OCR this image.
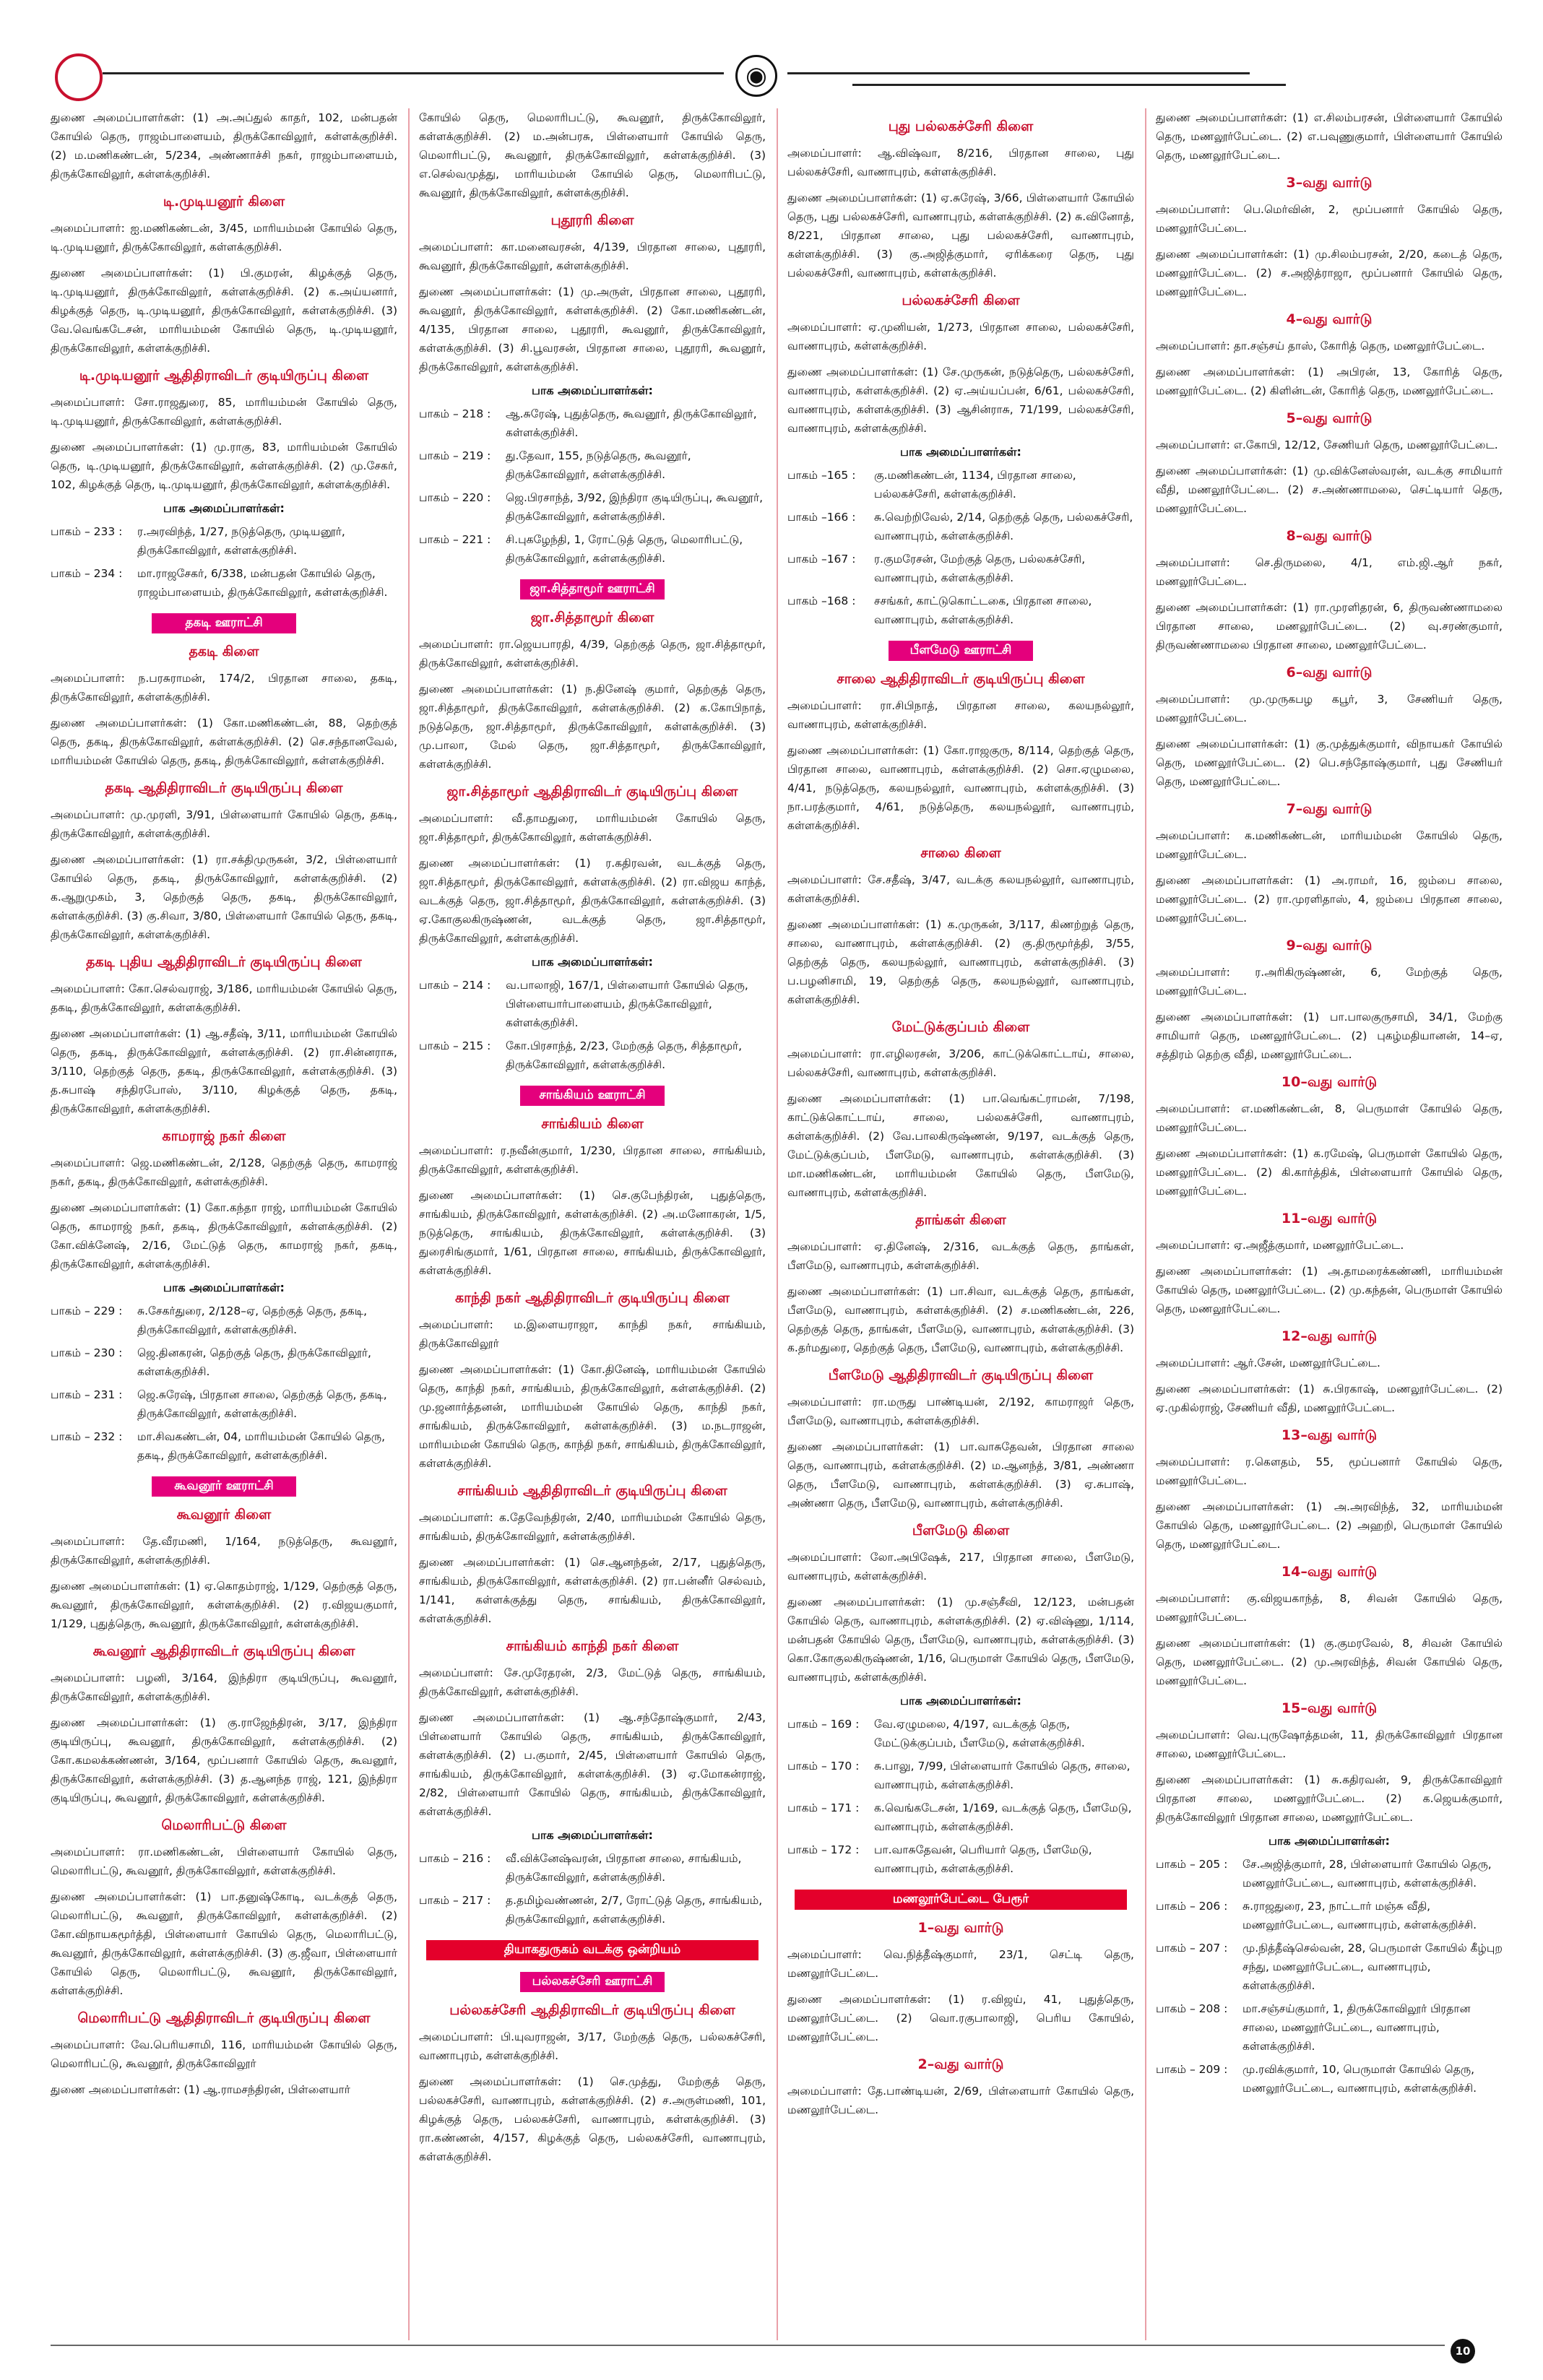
◉

துணை அமைப்பாளர்கள்: (1) அ.அப்துல் காதர், 102, மன்பதன் கோயில் தெரு, ராஜம்பாளையம், திருக்கோவிலூர், கள்ளக்குறிச்சி. (2) ம.மணிகண்டன், 5/234, அண்ணாச்சி நகர், ராஜம்பாளையம், திருக்கோவிலூர், கள்ளக்குறிச்சி.

டி.முடியனூர் கிளை

அமைப்பாளர்: ஐ.மணிகண்டன், 3/45, மாரியம்மன் கோயில் தெரு, டி.முடியனூர், திருக்கோவிலூர், கள்ளக்குறிச்சி.

துணை அமைப்பாளர்கள்: (1) பி.குமரன், கிழக்குத் தெரு, டி.முடியனூர், திருக்கோவிலூர், கள்ளக்குறிச்சி. (2) க.அய்யனார், கிழக்குத் தெரு, டி.முடியனூர், திருக்கோவிலூர், கள்ளக்குறிச்சி. (3) வே.வெங்கடேசன், மாரியம்மன் கோயில் தெரு, டி.முடியனூர், திருக்கோவிலூர், கள்ளக்குறிச்சி.

டி.முடியனூர் ஆதிதிராவிடர் குடியிருப்பு கிளை

அமைப்பாளர்: சோ.ராஜதுரை, 85, மாரியம்மன் கோயில் தெரு, டி.முடியனூர், திருக்கோவிலூர், கள்ளக்குறிச்சி.

துணை அமைப்பாளர்கள்: (1) மு.ராகு, 83, மாரியம்மன் கோயில் தெரு, டி.முடியனூர், திருக்கோவிலூர், கள்ளக்குறிச்சி. (2) மு.சேகர், 102, கிழக்குத் தெரு, டி.முடியனூர், திருக்கோவிலூர், கள்ளக்குறிச்சி.

பாக அமைப்பாளர்கள்:
பாகம் – 233 :	ர.அரவிந்த், 1/27, நடுத்தெரு, முடியனூர், திருக்கோவிலூர், கள்ளக்குறிச்சி.
பாகம் – 234 :	மா.ராஜசேகர், 6/338, மன்பதன் கோயில் தெரு, ராஜம்பாளையம், திருக்கோவிலூர், கள்ளக்குறிச்சி.
தகடி ஊராட்சி
தகடி கிளை

அமைப்பாளர்: ந.பரசுராமன், 174/2, பிரதான சாலை, தகடி, திருக்கோவிலூர், கள்ளக்குறிச்சி.

துணை அமைப்பாளர்கள்: (1) கோ.மணிகண்டன், 88, தெற்குத் தெரு, தகடி, திருக்கோவிலூர், கள்ளக்குறிச்சி. (2) செ.சந்தானவேல், மாரியம்மன் கோயில் தெரு, தகடி, திருக்கோவிலூர், கள்ளக்குறிச்சி.

தகடி ஆதிதிராவிடர் குடியிருப்பு கிளை

அமைப்பாளர்: மு.முரளி, 3/91, பிள்ளையார் கோயில் தெரு, தகடி, திருக்கோவிலூர், கள்ளக்குறிச்சி.

துணை அமைப்பாளர்கள்: (1) ரா.சக்திமுருகன், 3/2, பிள்ளையார் கோயில் தெரு, தகடி, திருக்கோவிலூர், கள்ளக்குறிச்சி. (2) க.ஆறுமுகம், 3, தெற்குத் தெரு, தகடி, திருக்கோவிலூர், கள்ளக்குறிச்சி. (3) கு.சிவா, 3/80, பிள்ளையார் கோயில் தெரு, தகடி, திருக்கோவிலூர், கள்ளக்குறிச்சி.

தகடி புதிய ஆதிதிராவிடர் குடியிருப்பு கிளை

அமைப்பாளர்: கோ.செல்வராஜ், 3/186, மாரியம்மன் கோயில் தெரு, தகடி, திருக்கோவிலூர், கள்ளக்குறிச்சி.

துணை அமைப்பாளர்கள்: (1) ஆ.சதீஷ், 3/11, மாரியம்மன் கோயில் தெரு, தகடி, திருக்கோவிலூர், கள்ளக்குறிச்சி. (2) ரா.சின்னராசு, 3/110, தெற்குத் தெரு, தகடி, திருக்கோவிலூர், கள்ளக்குறிச்சி. (3) த.சுபாஷ் சந்திரபோஸ், 3/110, கிழக்குத் தெரு, தகடி, திருக்கோவிலூர், கள்ளக்குறிச்சி.

காமராஜ் நகர் கிளை

அமைப்பாளர்: ஜெ.மணிகண்டன், 2/128, தெற்குத் தெரு, காமராஜ் நகர், தகடி, திருக்கோவிலூர், கள்ளக்குறிச்சி.

துணை அமைப்பாளர்கள்: (1) கோ.கந்தா ராஜ், மாரியம்மன் கோயில் தெரு, காமராஜ் நகர், தகடி, திருக்கோவிலூர், கள்ளக்குறிச்சி. (2) கோ.விக்னேஷ், 2/16, மேட்டுத் தெரு, காமராஜ் நகர், தகடி, திருக்கோவிலூர், கள்ளக்குறிச்சி.

பாக அமைப்பாளர்கள்:
பாகம் – 229 :	சு.சேகர்துரை, 2/128–ஏ, தெற்குத் தெரு, தகடி, திருக்கோவிலூர், கள்ளக்குறிச்சி.
பாகம் – 230 :	ஜெ.தினகரன், தெற்குத் தெரு, திருக்கோவிலூர், கள்ளக்குறிச்சி.
பாகம் – 231 :	ஜெ.சுரேஷ், பிரதான சாலை, தெற்குத் தெரு, தகடி, திருக்கோவிலூர், கள்ளக்குறிச்சி.
பாகம் – 232 :	மா.சிவகண்டன், 04, மாரியம்மன் கோயில் தெரு, தகடி, திருக்கோவிலூர், கள்ளக்குறிச்சி.
கூவனூர் ஊராட்சி
கூவனூர் கிளை

அமைப்பாளர்: தே.வீரமணி, 1/164, நடுத்தெரு, கூவனூர், திருக்கோவிலூர், கள்ளக்குறிச்சி.

துணை அமைப்பாளர்கள்: (1) ஏ.கொதம்ராஜ், 1/129, தெற்குத் தெரு, கூவனூர், திருக்கோவிலூர், கள்ளக்குறிச்சி. (2) ர.விஜயகுமார், 1/129, புதுத்தெரு, கூவனூர், திருக்கோவிலூர், கள்ளக்குறிச்சி.

கூவனூர் ஆதிதிராவிடர் குடியிருப்பு கிளை

அமைப்பாளர்: பழனி, 3/164, இந்திரா குடியிருப்பு, கூவனூர், திருக்கோவிலூர், கள்ளக்குறிச்சி.

துணை அமைப்பாளர்கள்: (1) கு.ராஜேந்திரன், 3/17, இந்திரா குடியிருப்பு, கூவனூர், திருக்கோவிலூர், கள்ளக்குறிச்சி. (2) கோ.கமலக்கண்ணன், 3/164, மூப்பனார் கோயில் தெரு, கூவனூர், திருக்கோவிலூர், கள்ளக்குறிச்சி. (3) த.ஆனந்த ராஜ், 121, இந்திரா குடியிருப்பு, கூவனூர், திருக்கோவிலூர், கள்ளக்குறிச்சி.

மெலாரிபட்டு கிளை

அமைப்பாளர்: ரா.மணிகண்டன், பிள்ளையார் கோயில் தெரு, மெலாரிபட்டு, கூவனூர், திருக்கோவிலூர், கள்ளக்குறிச்சி.

துணை அமைப்பாளர்கள்: (1) பா.தனுஷ்கோடி, வடக்குத் தெரு, மெலாரிபட்டு, கூவனூர், திருக்கோவிலூர், கள்ளக்குறிச்சி. (2) கோ.விநாயகமூர்த்தி, பிள்ளையார் கோயில் தெரு, மெலாரிபட்டு, கூவனூர், திருக்கோவிலூர், கள்ளக்குறிச்சி. (3) கு.ஜீவா, பிள்ளையார் கோயில் தெரு, மெலாரிபட்டு, கூவனூர், திருக்கோவிலூர், கள்ளக்குறிச்சி.

மெலாரிபட்டு ஆதிதிராவிடர் குடியிருப்பு கிளை

அமைப்பாளர்: வே.பெரியசாமி, 116, மாரியம்மன் கோயில் தெரு, மெலாரிபட்டு, கூவனூர், திருக்கோவிலூர்

துணை அமைப்பாளர்கள்: (1) ஆ.ராமசந்திரன், பிள்ளையார்

கோயில் தெரு, மெலாரிபட்டு, கூவனூர், திருக்கோவிலூர், கள்ளக்குறிச்சி. (2) ம.அன்பரசு, பிள்ளையார் கோயில் தெரு, மெலாரிபட்டு, கூவனூர், திருக்கோவிலூர், கள்ளக்குறிச்சி. (3) எ.செல்வமுத்து, மாரியம்மன் கோயில் தெரு, மெலாரிபட்டு, கூவனூர், திருக்கோவிலூர், கள்ளக்குறிச்சி.

புதூரரி கிளை

அமைப்பாளர்: கா.மனைவரசன், 4/139, பிரதான சாலை, புதூரரி, கூவனூர், திருக்கோவிலூர், கள்ளக்குறிச்சி.

துணை அமைப்பாளர்கள்: (1) மு.அருள், பிரதான சாலை, புதூரரி, கூவனூர், திருக்கோவிலூர், கள்ளக்குறிச்சி. (2) கோ.மணிகண்டன், 4/135, பிரதான சாலை, புதூரரி, கூவனூர், திருக்கோவிலூர், கள்ளக்குறிச்சி. (3) சி.பூவரசன், பிரதான சாலை, புதூரரி, கூவனூர், திருக்கோவிலூர், கள்ளக்குறிச்சி.

பாக அமைப்பாளர்கள்:
பாகம் – 218 :	ஆ.சுரேஷ், புதுத்தெரு, கூவனூர், திருக்கோவிலூர், கள்ளக்குறிச்சி.
பாகம் – 219 :	து.தேவா, 155, நடுத்தெரு, கூவனூர், திருக்கோவிலூர், கள்ளக்குறிச்சி.
பாகம் – 220 :	ஜெ.பிரசாந்த், 3/92, இந்திரா குடியிருப்பு, கூவனூர், திருக்கோவிலூர், கள்ளக்குறிச்சி.
பாகம் – 221 :	சி.புகழேந்தி, 1, ரோட்டுத் தெரு, மெலாரிபட்டு, திருக்கோவிலூர், கள்ளக்குறிச்சி.
ஜா.சித்தாமூர் ஊராட்சி
ஜா.சித்தாமூர் கிளை

அமைப்பாளர்: ரா.ஜெயபாரதி, 4/39, தெற்குத் தெரு, ஜா.சித்தாமூர், திருக்கோவிலூர், கள்ளக்குறிச்சி.

துணை அமைப்பாளர்கள்: (1) ந.தினேஷ் குமார், தெற்குத் தெரு, ஜா.சித்தாமூர், திருக்கோவிலூர், கள்ளக்குறிச்சி. (2) க.கோபிநாத், நடுத்தெரு, ஜா.சித்தாமூர், திருக்கோவிலூர், கள்ளக்குறிச்சி. (3) மு.பாலா, மேல் தெரு, ஜா.சித்தாமூர், திருக்கோவிலூர், கள்ளக்குறிச்சி.

ஜா.சித்தாமூர் ஆதிதிராவிடர் குடியிருப்பு கிளை

அமைப்பாளர்: வீ.தாமதுரை, மாரியம்மன் கோயில் தெரு, ஜா.சித்தாமூர், திருக்கோவிலூர், கள்ளக்குறிச்சி.

துணை அமைப்பாளர்கள்: (1) ர.கதிரவன், வடக்குத் தெரு, ஜா.சித்தாமூர், திருக்கோவிலூர், கள்ளக்குறிச்சி. (2) ரா.விஜய காந்த், வடக்குத் தெரு, ஜா.சித்தாமூர், திருக்கோவிலூர், கள்ளக்குறிச்சி. (3) ஏ.கோகுலகிருஷ்ணன், வடக்குத் தெரு, ஜா.சித்தாமூர், திருக்கோவிலூர், கள்ளக்குறிச்சி.

பாக அமைப்பாளர்கள்:
பாகம் – 214 :	வ.பாலாஜி, 167/1, பிள்ளையார் கோயில் தெரு, பிள்ளையார்பாளையம், திருக்கோவிலூர், கள்ளக்குறிச்சி.
பாகம் – 215 :	கோ.பிரசாந்த், 2/23, மேற்குத் தெரு, சித்தாமூர், திருக்கோவிலூர், கள்ளக்குறிச்சி.
சாங்கியம் ஊராட்சி
சாங்கியம் கிளை

அமைப்பாளர்: ர.நவீன்குமார், 1/230, பிரதான சாலை, சாங்கியம், திருக்கோவிலூர், கள்ளக்குறிச்சி.

துணை அமைப்பாளர்கள்: (1) செ.குபேந்திரன், புதுத்தெரு, சாங்கியம், திருக்கோவிலூர், கள்ளக்குறிச்சி. (2) அ.மனோகரன், 1/5, நடுத்தெரு, சாங்கியம், திருக்கோவிலூர், கள்ளக்குறிச்சி. (3) துரைசிங்குமார், 1/61, பிரதான சாலை, சாங்கியம், திருக்கோவிலூர், கள்ளக்குறிச்சி.

காந்தி நகர் ஆதிதிராவிடர் குடியிருப்பு கிளை

அமைப்பாளர்: ம.இளையராஜா, காந்தி நகர், சாங்கியம், திருக்கோவிலூர்

துணை அமைப்பாளர்கள்: (1) கோ.தினேஷ், மாரியம்மன் கோயில் தெரு, காந்தி நகர், சாங்கியம், திருக்கோவிலூர், கள்ளக்குறிச்சி. (2) மு.ஜனார்த்தனன், மாரியம்மன் கோயில் தெரு, காந்தி நகர், சாங்கியம், திருக்கோவிலூர், கள்ளக்குறிச்சி. (3) ம.நடராஜன், மாரியம்மன் கோயில் தெரு, காந்தி நகர், சாங்கியம், திருக்கோவிலூர், கள்ளக்குறிச்சி.

சாங்கியம் ஆதிதிராவிடர் குடியிருப்பு கிளை

அமைப்பாளர்: க.தேவேந்திரன், 2/40, மாரியம்மன் கோயில் தெரு, சாங்கியம், திருக்கோவிலூர், கள்ளக்குறிச்சி.

துணை அமைப்பாளர்கள்: (1) செ.ஆனந்தன், 2/17, புதுத்தெரு, சாங்கியம், திருக்கோவிலூர், கள்ளக்குறிச்சி. (2) ரா.பன்னீர் செல்வம், 1/141, கள்ளக்குத்து தெரு, சாங்கியம், திருக்கோவிலூர், கள்ளக்குறிச்சி.

சாங்கியம் காந்தி நகர் கிளை

அமைப்பாளர்: சே.முரேதரன், 2/3, மேட்டுத் தெரு, சாங்கியம், திருக்கோவிலூர், கள்ளக்குறிச்சி.

துணை அமைப்பாளர்கள்: (1) ஆ.சந்தோஷ்குமார், 2/43, பிள்ளையார் கோயில் தெரு, சாங்கியம், திருக்கோவிலூர், கள்ளக்குறிச்சி. (2) ப.குமார், 2/45, பிள்ளையார் கோயில் தெரு, சாங்கியம், திருக்கோவிலூர், கள்ளக்குறிச்சி. (3) ஏ.மோகன்ராஜ், 2/82, பிள்ளையார் கோயில் தெரு, சாங்கியம், திருக்கோவிலூர், கள்ளக்குறிச்சி.

பாக அமைப்பாளர்கள்:
பாகம் – 216 :	வீ.விக்னேஷ்வரன், பிரதான சாலை, சாங்கியம், திருக்கோவிலூர், கள்ளக்குறிச்சி.
பாகம் – 217 :	த.தமிழ்வண்ணன், 2/7, ரோட்டுத் தெரு, சாங்கியம், திருக்கோவிலூர், கள்ளக்குறிச்சி.
தியாகதுருகம் வடக்கு ஒன்றியம்
பல்லகச்சேரி ஊராட்சி
பல்லகச்சேரி ஆதிதிராவிடர் குடியிருப்பு கிளை

அமைப்பாளர்: பி.யுவராஜன், 3/17, மேற்குத் தெரு, பல்லகச்சேரி, வாணாபுரம், கள்ளக்குறிச்சி.

துணை அமைப்பாளர்கள்: (1) செ.முத்து, மேற்குத் தெரு, பல்லகச்சேரி, வாணாபுரம், கள்ளக்குறிச்சி. (2) ச.அருள்மணி, 101, கிழக்குத் தெரு, பல்லகச்சேரி, வாணாபுரம், கள்ளக்குறிச்சி. (3) ரா.கண்ணன், 4/157, கிழக்குத் தெரு, பல்லகச்சேரி, வாணாபுரம், கள்ளக்குறிச்சி.

புது பல்லகச்சேரி கிளை

அமைப்பாளர்: ஆ.விஷ்வா, 8/216, பிரதான சாலை, புது பல்லகச்சேரி, வாணாபுரம், கள்ளக்குறிச்சி.

துணை அமைப்பாளர்கள்: (1) ஏ.சுரேஷ், 3/66, பிள்ளையார் கோயில் தெரு, புது பல்லகச்சேரி, வாணாபுரம், கள்ளக்குறிச்சி. (2) சு.வினோத், 8/221, பிரதான சாலை, புது பல்லகச்சேரி, வாணாபுரம், கள்ளக்குறிச்சி. (3) கு.அஜித்குமார், ஏரிக்கரை தெரு, புது பல்லகச்சேரி, வாணாபுரம், கள்ளக்குறிச்சி.

பல்லகச்சேரி கிளை

அமைப்பாளர்: ஏ.முனியன், 1/273, பிரதான சாலை, பல்லகச்சேரி, வாணாபுரம், கள்ளக்குறிச்சி.

துணை அமைப்பாளர்கள்: (1) சே.முருகன், நடுத்தெரு, பல்லகச்சேரி, வாணாபுரம், கள்ளக்குறிச்சி. (2) ஏ.அய்யப்பன், 6/61, பல்லகச்சேரி, வாணாபுரம், கள்ளக்குறிச்சி. (3) ஆசின்ராசு, 71/199, பல்லகச்சேரி, வாணாபுரம், கள்ளக்குறிச்சி.

பாக அமைப்பாளர்கள்:
பாகம் –165 :	கு.மணிகண்டன், 1134, பிரதான சாலை, பல்லகச்சேரி, கள்ளக்குறிச்சி.
பாகம் –166 :	சு.வெற்றிவேல், 2/14, தெற்குத் தெரு, பல்லகச்சேரி, வாணாபுரம், கள்ளக்குறிச்சி.
பாகம் –167 :	ர.குமரேசன், மேற்குத் தெரு, பல்லகச்சேரி, வாணாபுரம், கள்ளக்குறிச்சி.
பாகம் –168 :	சசங்கர், காட்டுகொட்டகை, பிரதான சாலை, வாணாபுரம், கள்ளக்குறிச்சி.
பீளமேடு ஊராட்சி
சாலை ஆதிதிராவிடர் குடியிருப்பு கிளை

அமைப்பாளர்: ரா.சிபிநாத், பிரதான சாலை, கலயநல்லூர், வாணாபுரம், கள்ளக்குறிச்சி.

துணை அமைப்பாளர்கள்: (1) கோ.ராஜகுரு, 8/114, தெற்குத் தெரு, பிரதான சாலை, வாணாபுரம், கள்ளக்குறிச்சி. (2) சொ.ஏழுமலை, 4/41, நடுத்தெரு, கலயநல்லூர், வாணாபுரம், கள்ளக்குறிச்சி. (3) நா.பரத்குமார், 4/61, நடுத்தெரு, கலயநல்லூர், வாணாபுரம், கள்ளக்குறிச்சி.

சாலை கிளை

அமைப்பாளர்: சே.சதீஷ், 3/47, வடக்கு கலயநல்லூர், வாணாபுரம், கள்ளக்குறிச்சி.

துணை அமைப்பாளர்கள்: (1) க.முருகன், 3/117, கிணற்றுத் தெரு, சாலை, வாணாபுரம், கள்ளக்குறிச்சி. (2) கு.திருமூர்த்தி, 3/55, தெற்குத் தெரு, கலயநல்லூர், வாணாபுரம், கள்ளக்குறிச்சி. (3) ப.பழனிசாமி, 19, தெற்குத் தெரு, கலயநல்லூர், வாணாபுரம், கள்ளக்குறிச்சி.

மேட்டுக்குப்பம் கிளை

அமைப்பாளர்: ரா.எழிலரசன், 3/206, காட்டுக்கொட்டாய், சாலை, பல்லகச்சேரி, வாணாபுரம், கள்ளக்குறிச்சி.

துணை அமைப்பாளர்கள்: (1) பா.வெங்கட்ராமன், 7/198, காட்டுக்கொட்டாய், சாலை, பல்லகச்சேரி, வாணாபுரம், கள்ளக்குறிச்சி. (2) வே.பாலகிருஷ்ணன், 9/197, வடக்குத் தெரு, மேட்டுக்குப்பம், பீளமேடு, வாணாபுரம், கள்ளக்குறிச்சி. (3) மா.மணிகண்டன், மாரியம்மன் கோயில் தெரு, பீளமேடு, வாணாபுரம், கள்ளக்குறிச்சி.

தாங்கள் கிளை

அமைப்பாளர்: ஏ.தினேஷ், 2/316, வடக்குத் தெரு, தாங்கள், பீளமேடு, வாணாபுரம், கள்ளக்குறிச்சி.

துணை அமைப்பாளர்கள்: (1) பா.சிவா, வடக்குத் தெரு, தாங்கள், பீளமேடு, வாணாபுரம், கள்ளக்குறிச்சி. (2) ச.மணிகண்டன், 226, தெற்குத் தெரு, தாங்கள், பீளமேடு, வாணாபுரம், கள்ளக்குறிச்சி. (3) க.தர்மதுரை, தெற்குத் தெரு, பீளமேடு, வாணாபுரம், கள்ளக்குறிச்சி.

பீளமேடு ஆதிதிராவிடர் குடியிருப்பு கிளை

அமைப்பாளர்: ரா.மருது பாண்டியன், 2/192, காமராஜர் தெரு, பீளமேடு, வாணாபுரம், கள்ளக்குறிச்சி.

துணை அமைப்பாளர்கள்: (1) பா.வாசுதேவன், பிரதான சாலை தெரு, வாணாபுரம், கள்ளக்குறிச்சி. (2) ம.ஆனந்த், 3/81, அண்ணா தெரு, பீளமேடு, வாணாபுரம், கள்ளக்குறிச்சி. (3) ஏ.சுபாஷ், அண்ணா தெரு, பீளமேடு, வாணாபுரம், கள்ளக்குறிச்சி.

பீளமேடு கிளை

அமைப்பாளர்: லோ.அபிஷேக், 217, பிரதான சாலை, பீளமேடு, வாணாபுரம், கள்ளக்குறிச்சி.

துணை அமைப்பாளர்கள்: (1) மு.சஞ்சீவி, 12/123, மன்பதன் கோயில் தெரு, வாணாபுரம், கள்ளக்குறிச்சி. (2) ஏ.விஷ்ணு, 1/114, மன்பதன் கோயில் தெரு, பீளமேடு, வாணாபுரம், கள்ளக்குறிச்சி. (3) கொ.கோகுலகிருஷ்ணன், 1/16, பெருமாள் கோயில் தெரு, பீளமேடு, வாணாபுரம், கள்ளக்குறிச்சி.

பாக அமைப்பாளர்கள்:
பாகம் – 169 :	வே.ஏழுமலை, 4/197, வடக்குத் தெரு, மேட்டுக்குப்பம், பீளமேடு, கள்ளக்குறிச்சி.
பாகம் – 170 :	சு.பாலு, 7/99, பிள்ளையார் கோயில் தெரு, சாலை, வாணாபுரம், கள்ளக்குறிச்சி.
பாகம் – 171 :	க.வெங்கடேசன், 1/169, வடக்குத் தெரு, பீளமேடு, வாணாபுரம், கள்ளக்குறிச்சி.
பாகம் – 172 :	பா.வாசுதேவன், பெரியார் தெரு, பீளமேடு, வாணாபுரம், கள்ளக்குறிச்சி.
மணலூர்பேட்டை பேரூர்
1–வது வார்டு

அமைப்பாளர்: வெ.நித்தீஷ்குமார், 23/1, செட்டி தெரு, மணலூர்பேட்டை.

துணை அமைப்பாளர்கள்: (1) ர.விஜய், 41, புதுத்தெரு, மணலூர்பேட்டை. (2) வொ.ரகுபாலாஜி, பெரிய கோயில், மணலூர்பேட்டை.

2–வது வார்டு

அமைப்பாளர்: தே.பாண்டியன், 2/69, பிள்ளையார் கோயில் தெரு, மணலூர்பேட்டை.

துணை அமைப்பாளர்கள்: (1) எ.சிலம்பரசன், பிள்ளையார் கோயில் தெரு, மணலூர்பேட்டை. (2) எ.பவுணுகுமார், பிள்ளையார் கோயில் தெரு, மணலூர்பேட்டை.

3–வது வார்டு

அமைப்பாளர்: பெ.மெர்வின், 2, மூப்பனார் கோயில் தெரு, மணலூர்பேட்டை.

துணை அமைப்பாளர்கள்: (1) மு.சிலம்பரசன், 2/20, கடைத் தெரு, மணலூர்பேட்டை. (2) ச.அஜித்ராஜா, மூப்பனார் கோயில் தெரு, மணலூர்பேட்டை.

4–வது வார்டு

அமைப்பாளர்: தா.சஞ்சய் தாஸ், கோரித் தெரு, மணலூர்பேட்டை.

துணை அமைப்பாளர்கள்: (1) அபிரன், 13, கோரித் தெரு, மணலூர்பேட்டை. (2) கிளின்டன், கோரித் தெரு, மணலூர்பேட்டை.

5–வது வார்டு

அமைப்பாளர்: எ.கோபி, 12/12, சேணியர் தெரு, மணலூர்பேட்டை.

துணை அமைப்பாளர்கள்: (1) மு.விக்னேஸ்வரன், வடக்கு சாமியார் வீதி, மணலூர்பேட்டை. (2) ச.அண்ணாமலை, செட்டியார் தெரு, மணலூர்பேட்டை.

8–வது வார்டு

அமைப்பாளர்: செ.திருமலை, 4/1, எம்.ஜி.ஆர் நகர், மணலூர்பேட்டை.

துணை அமைப்பாளர்கள்: (1) ரா.முரளிதரன், 6, திருவண்ணாமலை பிரதான சாலை, மணலூர்பேட்டை. (2) வு.சரண்குமார், திருவண்ணாமலை பிரதான சாலை, மணலூர்பேட்டை.

6–வது வார்டு

அமைப்பாளர்: மு.முருகபழ கபூர், 3, சேணியர் தெரு, மணலூர்பேட்டை.

துணை அமைப்பாளர்கள்: (1) கு.முத்துக்குமார், விநாயகர் கோயில் தெரு, மணலூர்பேட்டை. (2) பெ.சந்தோஷ்குமார், புது சேணியர் தெரு, மணலூர்பேட்டை.

7–வது வார்டு

அமைப்பாளர்: க.மணிகண்டன், மாரியம்மன் கோயில் தெரு, மணலூர்பேட்டை.

துணை அமைப்பாளர்கள்: (1) அ.ராமர், 16, ஜம்பை சாலை, மணலூர்பேட்டை. (2) ரா.முரளிதாஸ், 4, ஜம்பை பிரதான சாலை, மணலூர்பேட்டை.

9–வது வார்டு

அமைப்பாளர்: ர.அரிகிருஷ்ணன், 6, மேற்குத் தெரு, மணலூர்பேட்டை.

துணை அமைப்பாளர்கள்: (1) பா.பாலகுருசாமி, 34/1, மேற்கு சாமியார் தெரு, மணலூர்பேட்டை. (2) புகழ்மதியானன், 14–ஏ, சத்திரம் தெற்கு வீதி, மணலூர்பேட்டை.

10–வது வார்டு

அமைப்பாளர்: எ.மணிகண்டன், 8, பெருமாள் கோயில் தெரு, மணலூர்பேட்டை.

துணை அமைப்பாளர்கள்: (1) க.ரமேஷ், பெருமாள் கோயில் தெரு, மணலூர்பேட்டை. (2) கி.கார்த்திக், பிள்ளையார் கோயில் தெரு, மணலூர்பேட்டை.

11–வது வார்டு

அமைப்பாளர்: ஏ.அஜீத்குமார், மணலூர்பேட்டை.

துணை அமைப்பாளர்கள்: (1) அ.தாமரைக்கண்ணி, மாரியம்மன் கோயில் தெரு, மணலூர்பேட்டை. (2) மு.கந்தன், பெருமாள் கோயில் தெரு, மணலூர்பேட்டை.

12–வது வார்டு

அமைப்பாளர்: ஆர்.சேன், மணலூர்பேட்டை.

துணை அமைப்பாளர்கள்: (1) சு.பிரகாஷ், மணலூர்பேட்டை. (2) ஏ.முகில்ராஜ், சேணியர் வீதி, மணலூர்பேட்டை.

13–வது வார்டு

அமைப்பாளர்: ர.கௌதம், 55, மூப்பனார் கோயில் தெரு, மணலூர்பேட்டை.

துணை அமைப்பாளர்கள்: (1) அ.அரவிந்த், 32, மாரியம்மன் கோயில் தெரு, மணலூர்பேட்டை. (2) அஹறி, பெருமாள் கோயில் தெரு, மணலூர்பேட்டை.

14–வது வார்டு

அமைப்பாளர்: கு.விஜயகாந்த், 8, சிவன் கோயில் தெரு, மணலூர்பேட்டை.

துணை அமைப்பாளர்கள்: (1) கு.குமரவேல், 8, சிவன் கோயில் தெரு, மணலூர்பேட்டை. (2) மு.அரவிந்த், சிவன் கோயில் தெரு, மணலூர்பேட்டை.

15–வது வார்டு

அமைப்பாளர்: வெ.புருஷோத்தமன், 11, திருக்கோவிலூர் பிரதான சாலை, மணலூர்பேட்டை.

துணை அமைப்பாளர்கள்: (1) சு.கதிரவன், 9, திருக்கோவிலூர் பிரதான சாலை, மணலூர்பேட்டை. (2) க.ஜெயக்குமார், திருக்கோவிலூர் பிரதான சாலை, மணலூர்பேட்டை.

பாக அமைப்பாளர்கள்:
பாகம் – 205 :	சே.அஜித்குமார், 28, பிள்ளையார் கோயில் தெரு, மணலூர்பேட்டை, வாணாபுரம், கள்ளக்குறிச்சி.
பாகம் – 206 :	சு.ராஜதுரை, 23, நாட்டார் மஞ்சு வீதி, மணலூர்பேட்டை, வாணாபுரம், கள்ளக்குறிச்சி.
பாகம் – 207 :	மு.நித்தீஷ்செல்வன், 28, பெருமாள் கோயில் கீழ்புற சந்து, மணலூர்பேட்டை, வாணாபுரம், கள்ளக்குறிச்சி.
பாகம் – 208 :	மா.சஞ்சய்குமார், 1, திருக்கோவிலூர் பிரதான சாலை, மணலூர்பேட்டை, வாணாபுரம், கள்ளக்குறிச்சி.
பாகம் – 209 :	மு.ரவிக்குமார், 10, பெருமாள் கோயில் தெரு, மணலூர்பேட்டை, வாணாபுரம், கள்ளக்குறிச்சி.
10
